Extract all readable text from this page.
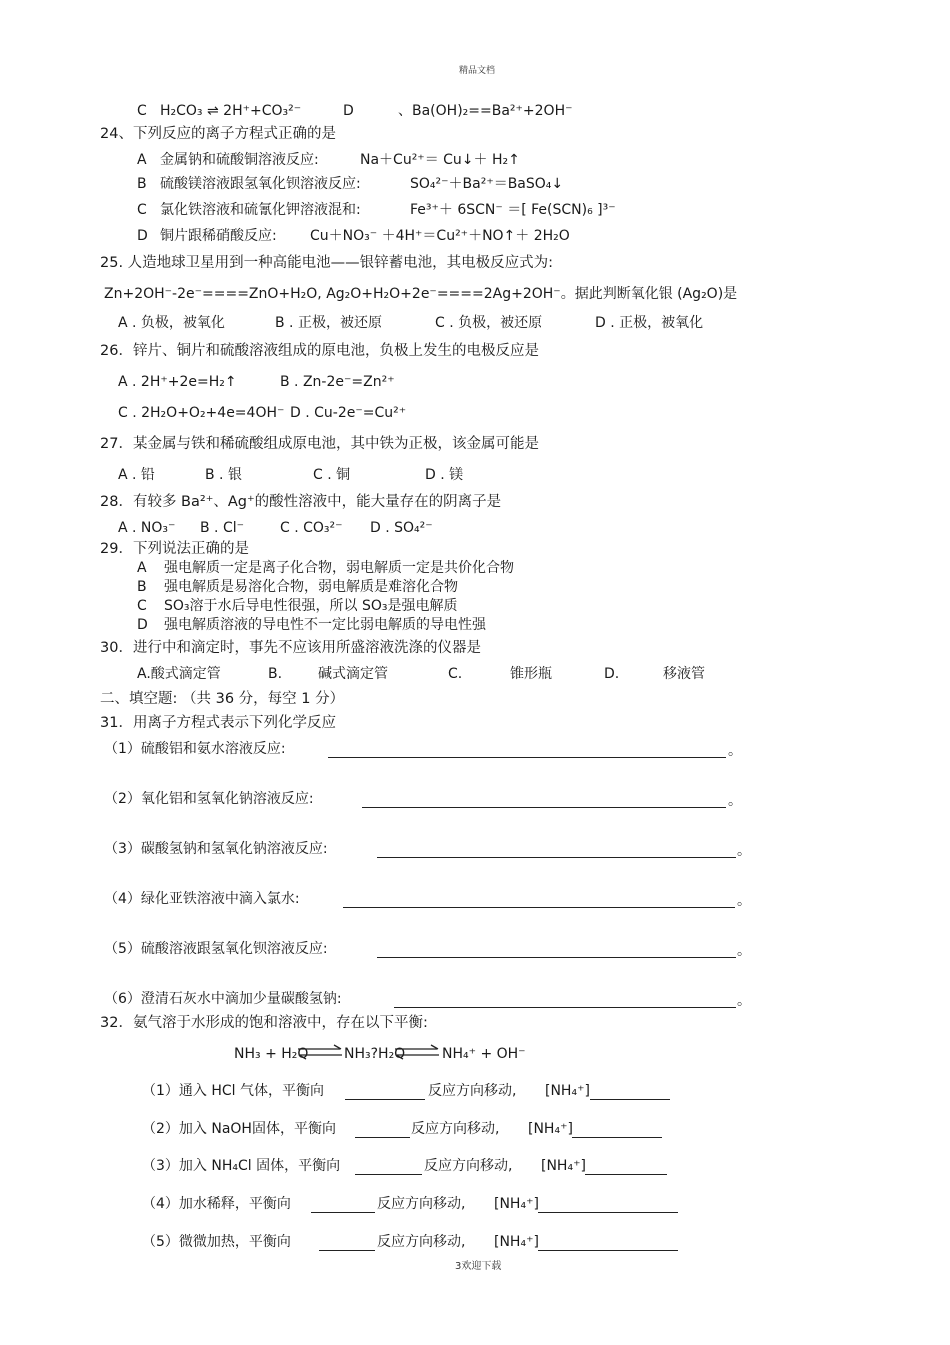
精品文档
3欢迎下载
C H₂CO₃ ⇌ 2H⁺+CO₃²⁻	D	、Ba(OH)₂==Ba²⁺+2OH⁻
24、下列反应的离子方程式正确的是
A 金属钠和硫酸铜溶液反应:	Na＋Cu²⁺＝ Cu↓＋ H₂↑
B 硫酸镁溶液跟氢氧化钡溶液反应:	SO₄²⁻＋Ba²⁺＝BaSO₄↓
C 氯化铁溶液和硫氰化钾溶液混和:	Fe³⁺＋ 6SCN⁻ ＝[ Fe(SCN)₆ ]³⁻
D 铜片跟稀硝酸反应: Cu＋NO₃⁻ ＋4H⁺＝Cu²⁺＋NO↑＋ 2H₂O
25. 人造地球卫星用到一种高能电池——银锌蓄电池，其电极反应式为:
Zn+2OH⁻-2e⁻====ZnO+H₂O, Ag₂O+H₂O+2e⁻====2Ag+2OH⁻。据此判断氧化银 (Ag₂O)是
A . 负极，被氧化	B . 正极，被还原	C . 负极，被还原	D . 正极，被氧化
26．锌片、铜片和硫酸溶液组成的原电池，负极上发生的电极反应是
A . 2H⁺+2e=H₂↑	B . Zn-2e⁻=Zn²⁺
C . 2H₂O+O₂+4e=4OH⁻ D . Cu-2e⁻=Cu²⁺
27．某金属与铁和稀硫酸组成原电池，其中铁为正极，该金属可能是
A . 铅	B . 银	C . 铜	D . 镁
28．有较多 Ba²⁺、Ag⁺的酸性溶液中，能大量存在的阴离子是
A . NO₃⁻ B . Cl⁻	C . CO₃²⁻ D . SO₄²⁻
29．下列说法正确的是
A 强电解质一定是离子化合物，弱电解质一定是共价化合物
B 强电解质是易溶化合物，弱电解质是难溶化合物
C SO₃溶于水后导电性很强，所以 SO₃是强电解质
D 强电解质溶液的导电性不一定比弱电解质的导电性强
30．进行中和滴定时，事先不应该用所盛溶液洗涤的仪器是
A.酸式滴定管	B.	碱式滴定管	C.	锥形瓶	D.	移液管
二、填空题: （共 36 分，每空 1 分）
31．用离子方程式表示下列化学反应
（1）硫酸铝和氨水溶液反应:	。
（2）氧化铝和氢氧化钠溶液反应:	。
（3）碳酸氢钠和氢氧化钠溶液反应:	。
（4）绿化亚铁溶液中滴入氯水:	。
（5）硫酸溶液跟氢氧化钡溶液反应:	。
（6）澄清石灰水中滴加少量碳酸氢钠:	。
32．氨气溶于水形成的饱和溶液中，存在以下平衡:
NH₃ + H₂O ⇌ NH₃?H₂O ⇌ NH₄⁺ + OH⁻
（1）通入 HCl 气体，平衡向	反应方向移动, [NH₄⁺]
（2）加入 NaOH固体，平衡向	反应方向移动, [NH₄⁺]
（3）加入 NH₄Cl 固体，平衡向	反应方向移动, [NH₄⁺]
（4）加水稀释，平衡向	反应方向移动, [NH₄⁺]
（5）微微加热，平衡向	反应方向移动, [NH₄⁺]
